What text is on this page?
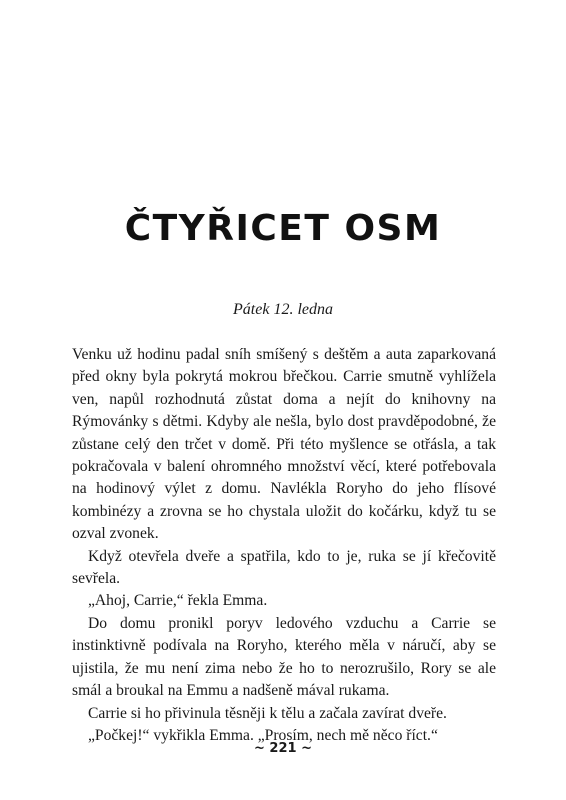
ČTYŘICET OSM
Pátek 12. ledna

Venku už hodinu padal sníh smíšený s deštěm a auta zaparkovaná před okny byla pokrytá mokrou břečkou. Carrie smutně vyhlížela ven, napůl rozhodnutá zůstat doma a nejít do knihovny na Rýmovánky s dětmi. Kdyby ale nešla, bylo dost pravděpodobné, že zůstane celý den trčet v domě. Při této myšlence se otřásla, a tak pokračovala v balení ohromného množství věcí, které potřebovala na hodinový výlet z domu. Navlékla Roryho do jeho flísové kombinézy a zrovna se ho chystala uložit do kočárku, když tu se ozval zvonek.

Když otevřela dveře a spatřila, kdo to je, ruka se jí křečovitě sevřela.

„Ahoj, Carrie,“ řekla Emma.

Do domu pronikl poryv ledového vzduchu a Carrie se instinktivně podívala na Roryho, kterého měla v náručí, aby se ujistila, že mu není zima nebo že ho to nerozrušilo, Rory se ale smál a broukal na Emmu a nadšeně mával rukama.

Carrie si ho přivinula těsněji k tělu a začala zavírat dveře.

„Počkej!“ vykřikla Emma. „Prosím, nech mě něco říct.“

~ 221 ~
